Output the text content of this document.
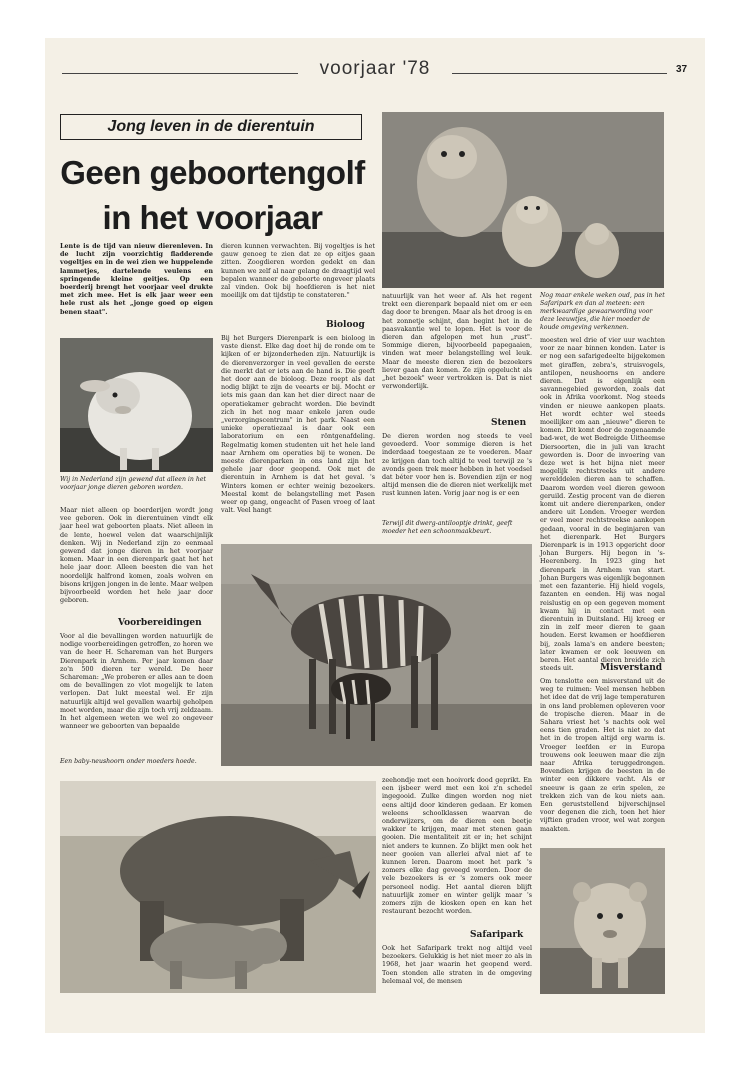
voorjaar '78	37
Jong leven in de dierentuin
Geen geboortengolf
in het voorjaar
Lente is de tijd van nieuw dierenleven. In de lucht zijn voorzichtig fladderende vogeltjes en in de wei zien we huppelende lammetjes, dartelende veulens en springende kleine geitjes. Op een boerderij brengt het voorjaar veel drukte met zich mee. Het is elk jaar weer een hele rust als het „jonge goed op eigen benen staat".
Wij in Nederland zijn gewend dat alleen in het voorjaar jonge dieren geboren worden.
Maar niet alleen op boerderijen wordt jong vee geboren. Ook in dierentuinen vindt elk jaar heel wat geboorten plaats. Niet alleen in de lente, hoewel velen dat waarschijnlijk denken. Wij in Nederland zijn zo eenmaal gewend dat jonge dieren in het voorjaar komen. Maar in een dierenpark gaat het het hele jaar door. Alleen beesten die van het noordelijk halfrond komen, zoals wolven en bisons krijgen jongen in de lente. Maar welpen bijvoorbeeld worden het hele jaar door geboren.
Voorbereidingen
Voor al die bevallingen worden natuurlijk de nodige voorbereidingen getroffen, zo horen we van de heer H. Schareman van het Burgers Dierenpark in Arnhem. Per jaar komen daar zo'n 500 dieren ter wereld. De heer Schareman: „We proberen er alles aan te doen om de bevallingen zo vlot mogelijk te laten verlopen. Dat lukt meestal wel. Er zijn natuurlijk altijd wel gevallen waarbij geholpen moet worden, maar die zijn toch vrij zeldzaam. In het algemeen weten we wel zo ongeveer wanneer we geboorten van bepaalde
Een baby-neushoorn onder moeders hoede.
dieren kunnen verwachten. Bij vogeltjes is het gauw genoeg te zien dat ze op eitjes gaan zitten. Zoogdieren worden gedekt en dan kunnen we zelf al naar gelang de draagtijd wel bepalen wanneer de geboorte ongeveer plaats zal vinden. Ook bij hoefdieren is het niet moeilijk om dat tijdstip te constateren."
Bioloog
Bij het Burgers Dierenpark is een bioloog in vaste dienst. Elke dag doet hij de ronde om te kijken of er bijzonderheden zijn. Natuurlijk is de dierenverzorger in veel gevallen de eerste die merkt dat er iets aan de hand is. Die geeft het door aan de bioloog. Deze roept als dat nodig blijkt te zijn de veearts er bij. Mocht er iets mis gaan dan kan het dier direct naar de operatiekamer gebracht worden. Die bevindt zich in het nog maar enkele jaren oude „verzorgingscentrum" in het park. Naast een unieke operatiezaal is daar ook een laboratorium en een röntgenafdeling. Regelmatig komen studenten uit het hele land naar Arnhem om operaties bij te wonen. De meeste dierenparken in ons land zijn het gehele jaar door geopend. Ook met de dierentuin in Arnhem is dat het geval. 's Winters komen er echter weinig bezoekers. Meestal komt de belangstelling met Pasen weer op gang, ongeacht of Pasen vroeg of laat valt. Veel hangt
Nog maar enkele weken oud, pas in het Safaripark en dan al meteen: een merkwaardige gewaarwording voor deze leeuwtjes, die hier moeder de koude omgeving verkennen.
natuurlijk van het weer af. Als het regent trekt een dierenpark bepaald niet om er een dag door te brengen. Maar als het droog is en het zonnetje schijnt, dan begint het in de paasvakantie wel te lopen. Het is voor de dieren dan afgelopen met hun „rust". Sommige dieren, bijvoorbeeld papegaaien, vinden wat meer belangstelling wel leuk. Maar de meeste dieren zien de bezoekers liever gaan dan komen. Ze zijn opgelucht als „het bezoek" weer vertrokken is. Dat is niet verwonderlijk.
Stenen
De dieren worden nog steeds te veel gevoederd. Voor sommige dieren is het inderdaad toegestaan ze te voederen. Maar ze krijgen dan toch altijd te veel terwijl ze 's avonds geen trek meer hebben in het voedsel dat béter voor hen is. Bovendien zijn er nog altijd mensen die de dieren niet werkelijk met rust kunnen laten. Vorig jaar nog is er een
Terwijl dit dwerg-antilooptje drinkt, geeft moeder het een schoonmaakbeurt.
zeehondje met een hooivork dood geprikt. En een ijsbeer werd met een koi z'n schedel ingegooid. Zulke dingen worden nog niet eens altijd door kinderen gedaan. Er komen weleens schoolklassen waarvan de onderwijzers, om de dieren een beetje wakker te krijgen, maar met stenen gaan gooien. Die mentaliteit zit er in; het schijnt niet anders te kunnen. Zo blijkt men ook het neer gooien van allerlei afval niet af te kunnen leren. Daarom moet het park 's zomers elke dag geveegd worden. Door de vele bezoekers is er 's zomers ook meer personeel nodig. Het aantal dieren blijft natuurlijk zomer en winter gelijk maar 's zomers zijn de kiosken open en kan het restaurant bezocht worden.
Safaripark
Ook het Safaripark trekt nog altijd veel bezoekers. Gelukkig is het niet meer zo als in 1968, het jaar waarin het geopend werd. Toen stonden alle straten in de omgeving helemaal vol, de mensen
moesten wel drie of vier uur wachten voor ze naar binnen konden. Later is er nog een safarigedeelte bijgekomen met giraffen, zebra's, struisvogels, antilopen, neushoorns en andere dieren. Dat is eigenlijk een savannegebied geworden, zoals dat ook in Afrika voorkomt. Nog steeds vinden er nieuwe aankopen plaats. Het wordt echter wel steeds moeilijker om aan „nieuwe" dieren te komen. Dit komt door de zogenaamde bad-wet, de wet Bedreigde Uitheemse Diersoorten, die in juli van kracht geworden is. Door de invoering van deze wet is het bijna niet meer mogelijk rechtstreeks uit andere werelddelen dieren aan te schaffen. Daarom worden veel dieren gewoon geruild. Zestig procent van de dieren komt uit andere dierenparken, onder andere uit Londen. Vroeger werden er veel meer rechtstreekse aankopen gedaan, vooral in de beginjaren van het dierenpark. Het Burgers Dierenpark is in 1913 opgericht door Johan Burgers. Hij begon in 's-Heerenberg. In 1923 ging het dierenpark in Arnhem van start. Johan Burgers was eigenlijk begonnen met een fazanterie. Hij hield vogels, fazanten en eenden. Hij was nogal reislustig en op een gegeven moment kwam hij in contact met een dierentuin in Duitsland. Hij kreeg er zin in zelf meer dieren te gaan houden. Eerst kwamen er hoefdieren bij, zoals lama's en andere beesten; later kwamen er ook leeuwen en beren. Het aantal dieren breidde zich steeds uit.	Misverstand
Om tenslotte een misverstand uit de weg te ruimen: Veel mensen hebben het idee dat de vrij lage temperaturen in ons land problemen opleveren voor de tropische dieren. Maar in de Sahara vriest het 's nachts ook wel eens tien graden. Het is niet zo dat het in de tropen altijd erg warm is. Vroeger leefden er in Europa trouwens ook leeuwen maar die zijn naar Afrika teruggedrongen. Bovendien krijgen de beesten in de winter een dikkere vacht. Als er sneeuw is gaan ze erin spelen, ze trekken zich van de kou niets aan. Een geruststellend bijverschijnsel voor degenen die zich, toen het hier vijftien graden vroor, wel wat zorgen maakten.
